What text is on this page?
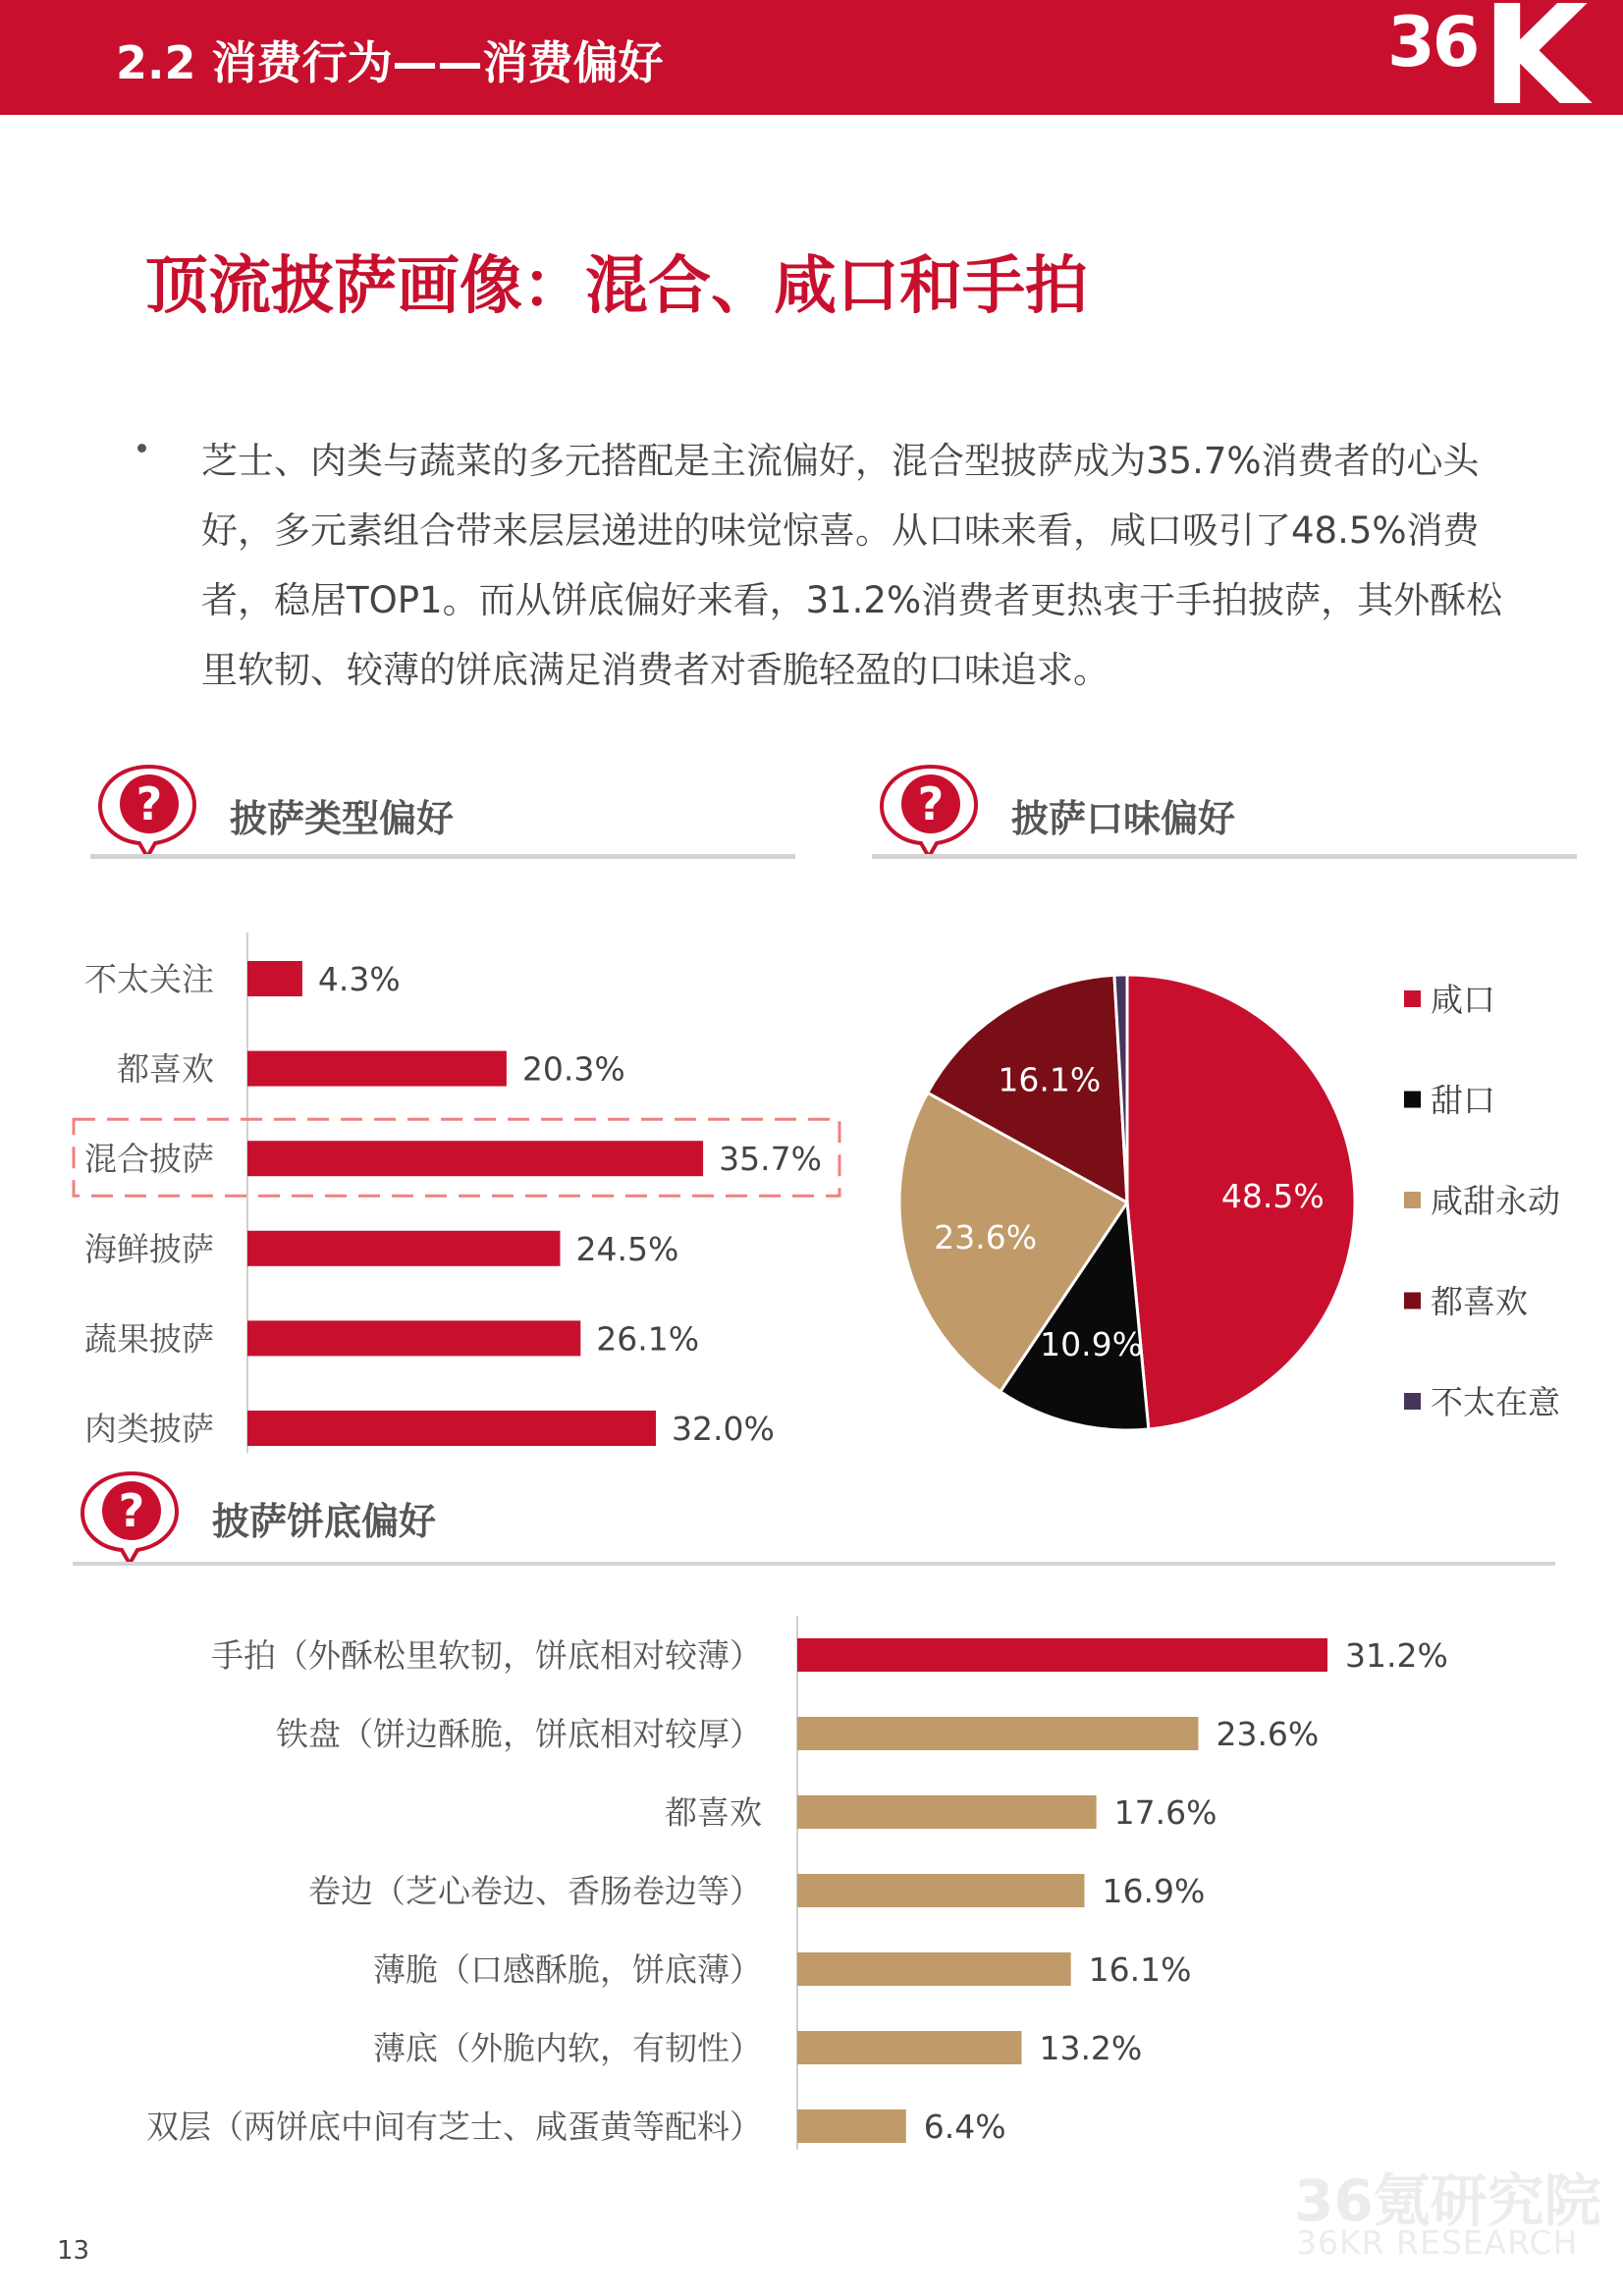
2.2 消费行为——消费偏好	36 K
顶流披萨画像：混合、咸口和手拍
芝士、肉类与蔬菜的多元搭配是主流偏好，混合型披萨成为35.7%消费者的心头好，多元素组合带来层层递进的味觉惊喜。从口味来看，咸口吸引了48.5%消费者，稳居TOP1。而从饼底偏好来看，31.2%消费者更热衷于手拍披萨，其外酥松里软韧、较薄的饼底满足消费者对香脆轻盈的口味追求。
? 披萨类型偏好	? 披萨口味偏好
? 披萨饼底偏好
不太关注	4.3%
都喜欢	20.3%
混合披萨	35.7%
海鲜披萨	24.5%
蔬果披萨	26.1%
肉类披萨	32.0%
48.5%
10.9%
23.6%
16.1%
咸口
甜口
咸甜永动
都喜欢
不太在意
手拍（外酥松里软韧，饼底相对较薄）	31.2%
铁盘（饼边酥脆，饼底相对较厚）	23.6%
都喜欢	17.6%
卷边（芝心卷边、香肠卷边等）	16.9%
薄脆（口感酥脆，饼底薄）	16.1%
薄底（外脆内软，有韧性）	13.2%
双层（两饼底中间有芝士、咸蛋黄等配料）	6.4%
13
36氪研究院
36KR RESEARCH
